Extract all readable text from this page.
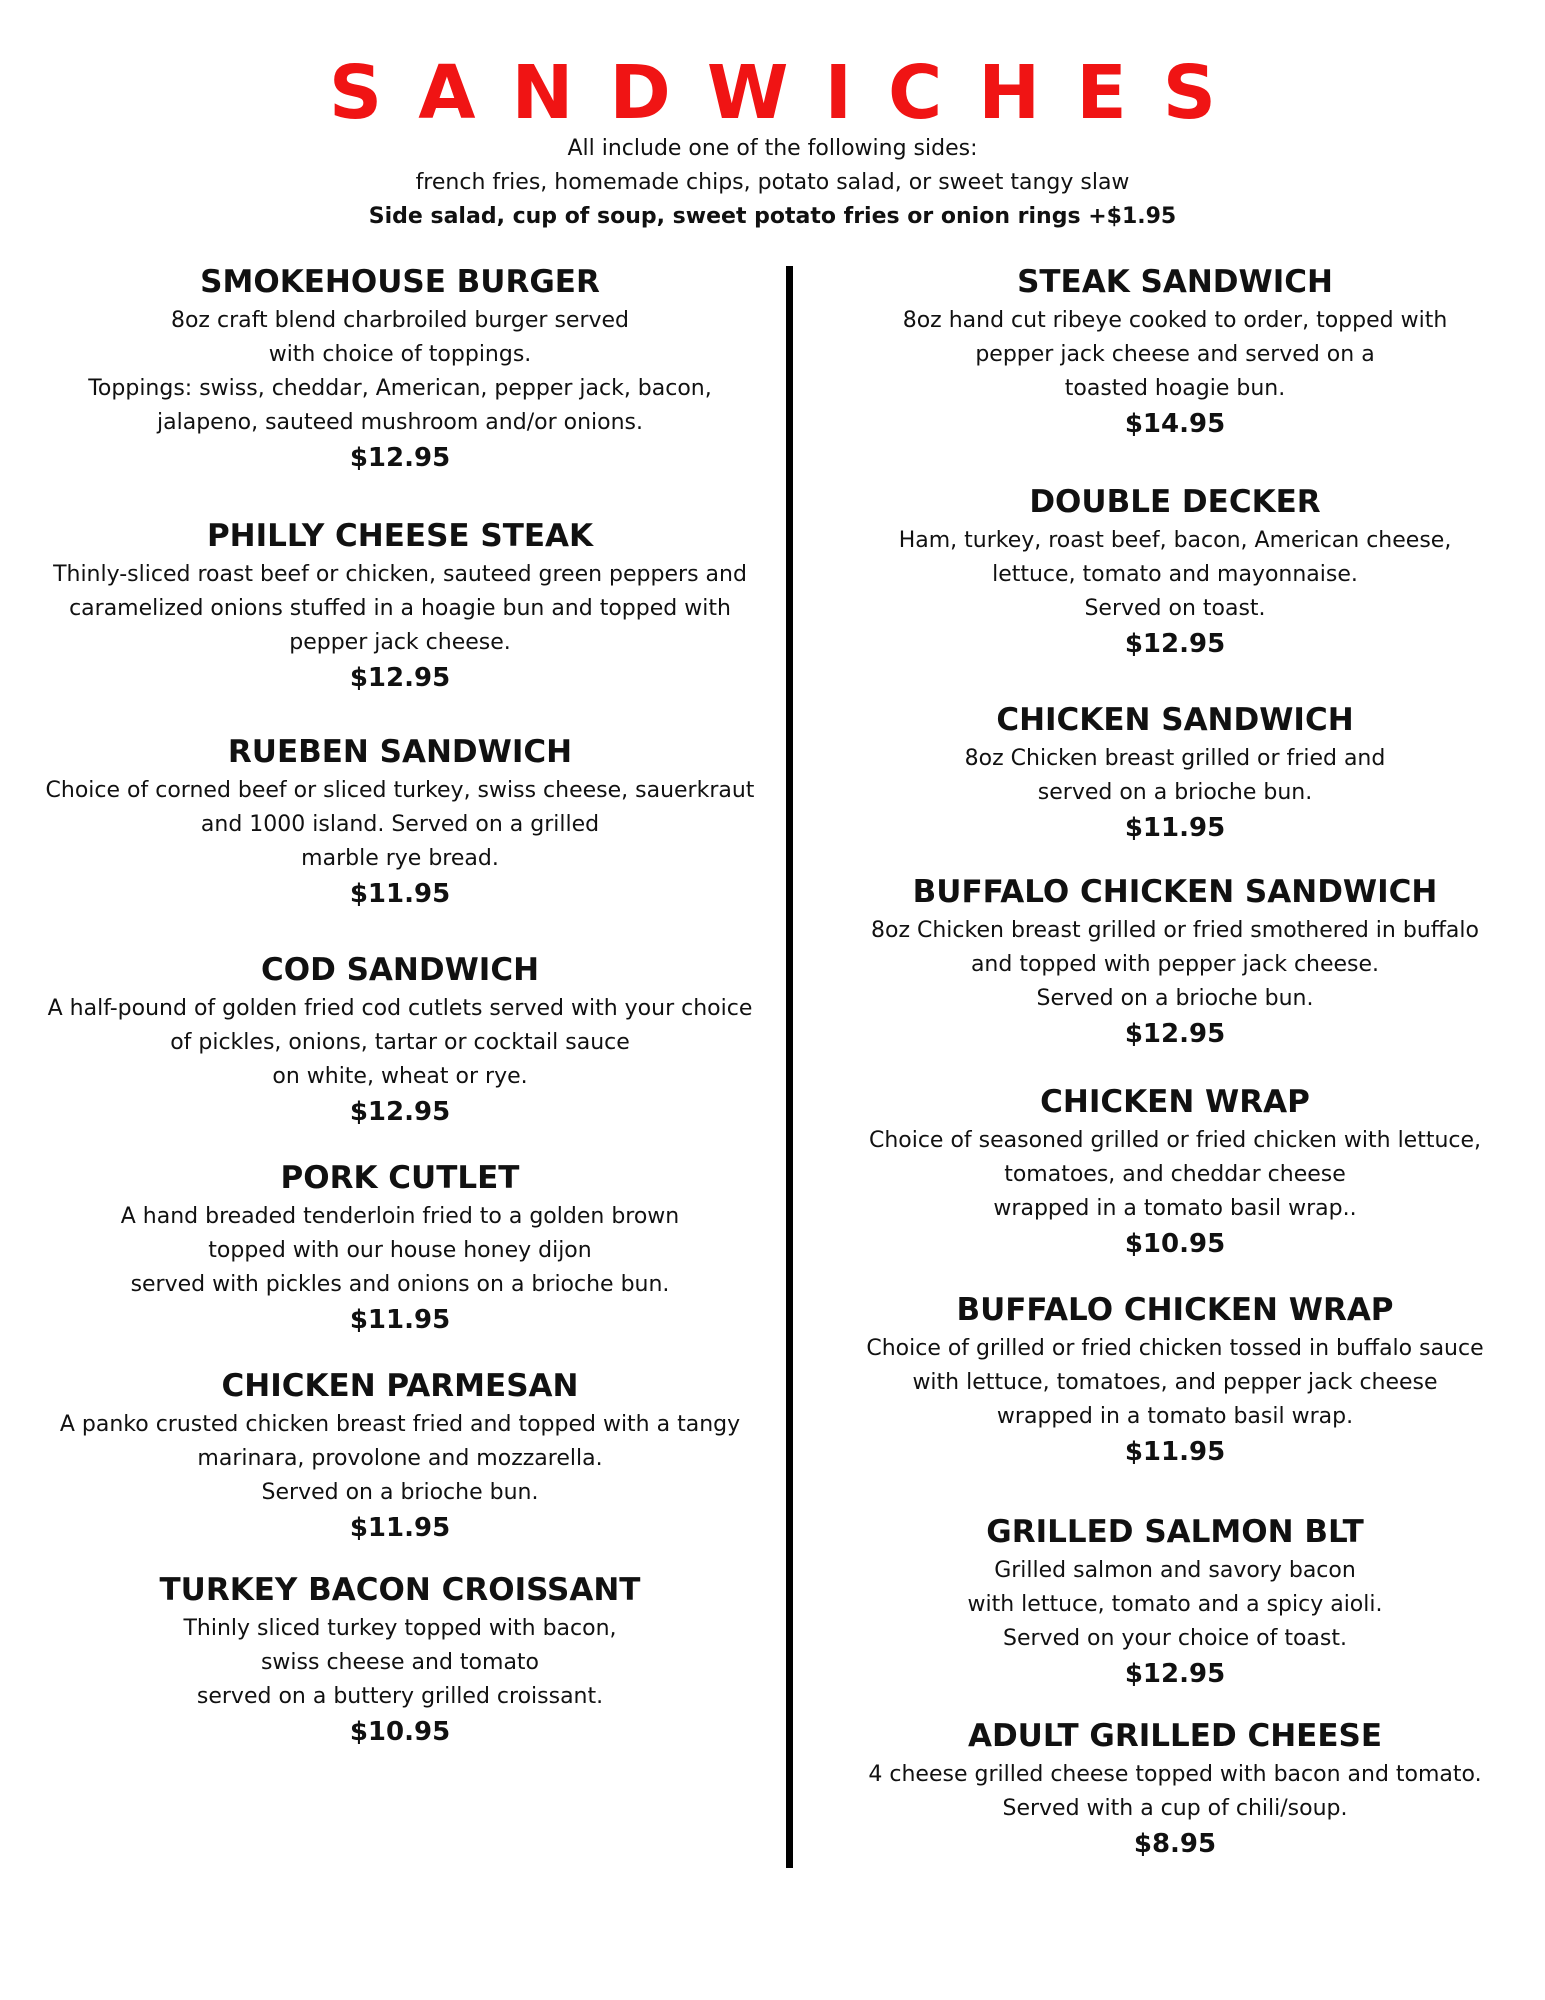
SANDWICHES
All include one of the following sides:
french fries, homemade chips, potato salad, or sweet tangy slaw
Side salad, cup of soup, sweet potato fries or onion rings +$1.95

SMOKEHOUSE BURGER

8oz craft blend charbroiled burger served
with choice of toppings.
Toppings: swiss, cheddar, American, pepper jack, bacon,
jalapeno, sauteed mushroom and/or onions.

$12.95

PHILLY CHEESE STEAK

Thinly-sliced roast beef or chicken, sauteed green peppers and
caramelized onions stuffed in a hoagie bun and topped with
pepper jack cheese.

$12.95

RUEBEN SANDWICH

Choice of corned beef or sliced turkey, swiss cheese, sauerkraut
and 1000 island. Served on a grilled
marble rye bread.

$11.95

COD SANDWICH

A half-pound of golden fried cod cutlets served with your choice
of pickles, onions, tartar or cocktail sauce
on white, wheat or rye.

$12.95

PORK CUTLET

A hand breaded tenderloin fried to a golden brown
topped with our house honey dijon
served with pickles and onions on a brioche bun.

$11.95

CHICKEN PARMESAN

A panko crusted chicken breast fried and topped with a tangy
marinara, provolone and mozzarella.
Served on a brioche bun.

$11.95

TURKEY BACON CROISSANT

Thinly sliced turkey topped with bacon,
swiss cheese and tomato
served on a buttery grilled croissant.

$10.95

STEAK SANDWICH

8oz hand cut ribeye cooked to order, topped with
pepper jack cheese and served on a
toasted hoagie bun.

$14.95

DOUBLE DECKER

Ham, turkey, roast beef, bacon, American cheese,
lettuce, tomato and mayonnaise.
Served on toast.

$12.95

CHICKEN SANDWICH

8oz Chicken breast grilled or fried and
served on a brioche bun.

$11.95

BUFFALO CHICKEN SANDWICH

8oz Chicken breast grilled or fried smothered in buffalo
and topped with pepper jack cheese.
Served on a brioche bun.

$12.95

CHICKEN WRAP

Choice of seasoned grilled or fried chicken with lettuce,
tomatoes, and cheddar cheese
wrapped in a tomato basil wrap..

$10.95

BUFFALO CHICKEN WRAP

Choice of grilled or fried chicken tossed in buffalo sauce
with lettuce, tomatoes, and pepper jack cheese
wrapped in a tomato basil wrap.

$11.95

GRILLED SALMON BLT

Grilled salmon and savory bacon
with lettuce, tomato and a spicy aioli.
Served on your choice of toast.

$12.95

ADULT GRILLED CHEESE

4 cheese grilled cheese topped with bacon and tomato.
Served with a cup of chili/soup.

$8.95
